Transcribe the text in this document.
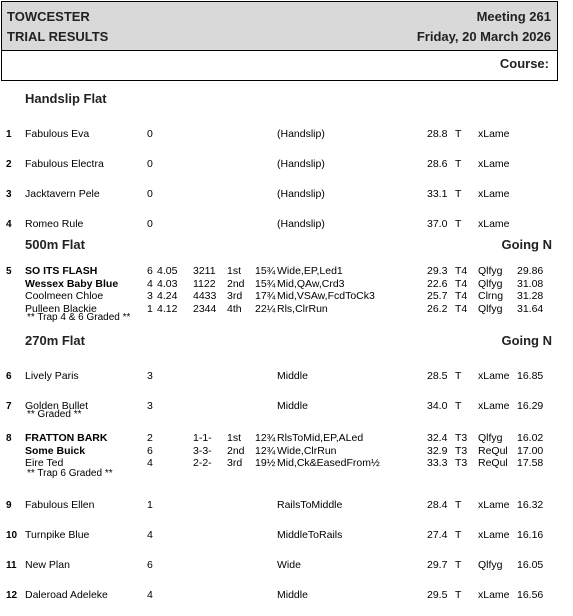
TOWCESTER
TRIAL RESULTS
Meeting 261
Friday, 20 March 2026
Course:
Handslip Flat
1 Fabulous Eva	0	(Handslip)	28.8 T xLame
2 Fabulous Electra	0	(Handslip)	28.6 T xLame
3 Jacktavern Pele	0	(Handslip)	33.1 T xLame
4 Romeo Rule	0	(Handslip)	37.0 T xLame
500m Flat	Going N
5 SO ITS FLASH	6 4.05 3211 1st 15¾ Wide,EP,Led1	29.3 T4 Qlfyg 29.86
Wessex Baby Blue	4 4.03 1122 2nd 15¾ Mid,QAw,Crd3	22.6 T4 Qlfyg 31.08
Coolmeen Chloe	3 4.24 4433 3rd 17¾ Mid,VSAw,FcdToCk3	25.7 T4 Clrng 31.28
Pulleen Blackie	1 4.12 2344 4th 22¼ Rls,ClrRun	26.2 T4 Qlfyg 31.64
** Trap 4 & 6 Graded **
270m Flat	Going N
6 Lively Paris	3	Middle	28.5 T xLame 16.85
7 Golden Bullet	3	Middle	34.0 T xLame 16.29
** Graded **
8 FRATTON BARK	2	1-1- 1st 12¾ RlsToMid,EP,ALed	32.4 T3 Qlfyg 16.02
Some Buick	6	3-3- 2nd 12¾ Wide,ClrRun	32.9 T3 ReQul 17.00
Eire Ted	4	2-2- 3rd 19½ Mid,Ck&EasedFrom½	33.3 T3 ReQul 17.58
** Trap 6 Graded **
9 Fabulous Ellen	1	RailsToMiddle	28.4 T xLame 16.32
10 Turnpike Blue	4	MiddleToRails	27.4 T xLame 16.16
11 New Plan	6	Wide	29.7 T Qlfyg 16.05
12 Daleroad Adeleke	4	Middle	29.5 T xLame 16.56
